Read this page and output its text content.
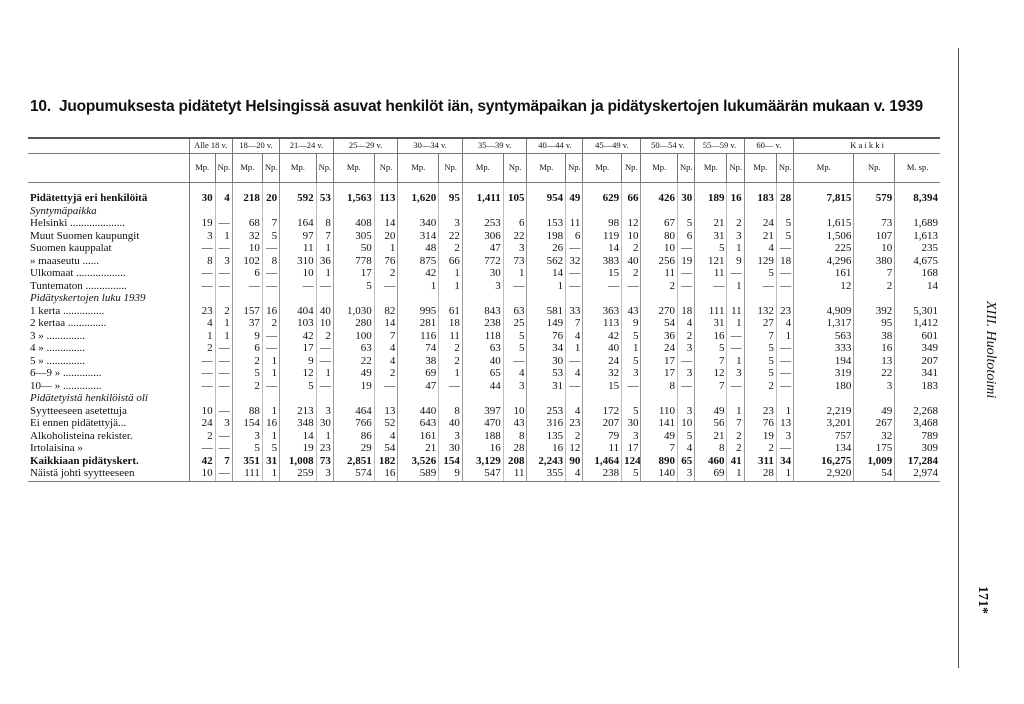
10. Juopumuksesta pidätetyt Helsingissä asuvat henkilöt iän, syntymäpaikan ja pidätyskertojen lukumäärän mukaan v. 1939
XIII. Huoltotoimi
171*
	Alle 18 v.		18—20 v.		21—24 v.		25—29 v.		30—34 v.		35—39 v.		40—44 v.		45—49 v.		50—54 v.		55—59 v.		60— v.		K a i k k i		
	Mp.	Np.	Mp.	Np.	Mp.	Np.	Mp.	Np.	Mp.	Np.	Mp.	Np.	Mp.	Np.	Mp.	Np.	Mp.	Np.	Mp.	Np.	Mp.	Np.	Mp.	Np.	M. sp.
Pidätettyjä eri henkilöitä	30	4	218	20	592	53	1,563	113	1,620	95	1,411	105	954	49	629	66	426	30	189	16	183	28	7,815	579	8,394
Syntymäpaikka																									
Helsinki ....................	19	—	68	7	164	8	408	14	340	3	253	6	153	11	98	12	67	5	21	2	24	5	1,615	73	1,689
Muut Suomen kaupungit	3	1	32	5	97	7	305	20	314	22	306	22	198	6	119	10	80	6	31	3	21	5	1,506	107	1,613
Suomen kauppalat	—	—	10	—	11	1	50	1	48	2	47	3	26	—	14	2	10	—	5	1	4	—	225	10	235
» maaseutu ......	8	3	102	8	310	36	778	76	875	66	772	73	562	32	383	40	256	19	121	9	129	18	4,296	380	4,675
Ulkomaat ..................	—	—	6	—	10	1	17	2	42	1	30	1	14	—	15	2	11	—	11	—	5	—	161	7	168
Tuntematon ...............	—	—	—	—	—	—	5	—	1	1	3	—	1	—	—	—	2	—	—	1	—	—	12	2	14
Pidätyskertojen luku 1939																									
1 kerta ...............	23	2	157	16	404	40	1,030	82	995	61	843	63	581	33	363	43	270	18	111	11	132	23	4,909	392	5,301
2 kertaa ..............	4	1	37	2	103	10	280	14	281	18	238	25	149	7	113	9	54	4	31	1	27	4	1,317	95	1,412
3 » ..............	1	1	9	—	42	2	100	7	116	11	118	5	76	4	42	5	36	2	16	—	7	1	563	38	601
4 » ..............	2	—	6	—	17	—	63	4	74	2	63	5	34	1	40	1	24	3	5	—	5	—	333	16	349
5 » ..............	—	—	2	1	9	—	22	4	38	2	40	—	30	—	24	5	17	—	7	1	5	—	194	13	207
6—9 » ..............	—	—	5	1	12	1	49	2	69	1	65	4	53	4	32	3	17	3	12	3	5	—	319	22	341
10— » ..............	—	—	2	—	5	—	19	—	47	—	44	3	31	—	15	—	8	—	7	—	2	—	180	3	183
Pidätetyistä henkilöistä oli																									
Syytteeseen asetettuja	10	—	88	1	213	3	464	13	440	8	397	10	253	4	172	5	110	3	49	1	23	1	2,219	49	2,268
Ei ennen pidätettyjä...	24	3	154	16	348	30	766	52	643	40	470	43	316	23	207	30	141	10	56	7	76	13	3,201	267	3,468
Alkoholisteina rekister.	2	—	3	1	14	1	86	4	161	3	188	8	135	2	79	3	49	5	21	2	19	3	757	32	789
Irtolaisina »	—	—	5	5	19	23	29	54	21	30	16	28	16	12	11	17	7	4	8	2	2	—	134	175	309
Kaikkiaan pidätyskert.	42	7	351	31	1,008	73	2,851	182	3,526	154	3,129	208	2,243	90	1,464	124	890	65	460	41	311	34	16,275	1,009	17,284
Näistä johti syytteeseen	10	—	111	1	259	3	574	16	589	9	547	11	355	4	238	5	140	3	69	1	28	1	2,920	54	2,974
